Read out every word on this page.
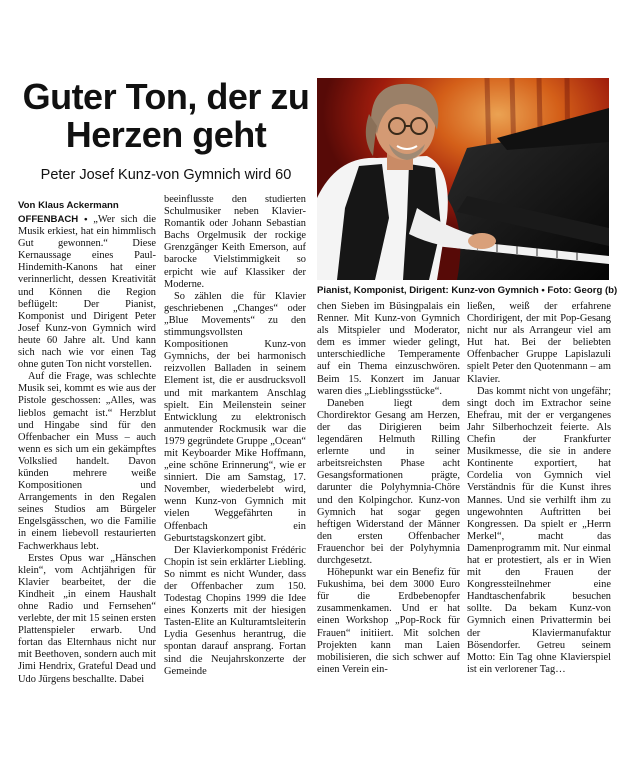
Guter Ton, der zu Herzen geht
Peter Josef Kunz-von Gymnich wird 60
Pianist, Komponist, Dirigent: Kunz-von Gymnich • Foto: Georg (b)
Von Klaus Ackermann

OFFENBACH • „Wer sich die Musik erkiest, hat ein himmlisch Gut gewonnen.“ Diese Kernaussage eines Paul-Hindemith-Kanons hat einer verinnerlicht, dessen Kreativität und Können die Region beflügelt: Der Pianist, Komponist und Dirigent Peter Josef Kunz-von Gymnich wird heute 60 Jahre alt. Und kann sich nach wie vor einen Tag ohne guten Ton nicht vorstellen.

Auf die Frage, was schlechte Musik sei, kommt es wie aus der Pistole geschossen: „Alles, was lieblos gemacht ist.“ Herzblut und Hingabe sind für den Offenbacher ein Muss – auch wenn es sich um ein gekämpftes Volkslied handelt. Davon künden mehrere weiße Kompositionen und Arrangements in den Regalen seines Studios am Bürgeler Engelsgässchen, wo die Familie in einem liebevoll restaurierten Fachwerkhaus lebt.

Erstes Opus war „Hänschen klein“, vom Achtjährigen für Klavier bearbeitet, der die Kindheit „in einem Haushalt ohne Radio und Fernsehen“ verlebte, der mit 15 seinen ersten Plattenspieler erwarb. Und fortan das Elternhaus nicht nur mit Beethoven, sondern auch mit Jimi Hendrix, Grateful Dead und Udo Jürgens beschallte. Dabei

beeinflusste den studierten Schulmusiker neben Klavier-Romantik oder Johann Sebastian Bachs Orgelmusik der rockige Grenzgänger Keith Emerson, auf barocke Vielstimmigkeit so erpicht wie auf Klassiker der Moderne.

So zählen die für Klavier geschriebenen „Changes“ oder „Blue Movements“ zu den stimmungsvollsten Kompositionen Kunz-von Gymnichs, der bei harmonisch reizvollen Balladen in seinem Element ist, die er ausdrucksvoll und mit markantem Anschlag spielt. Ein Meilenstein seiner Entwicklung zu elektronisch anmutender Rockmusik war die 1979 gegründete Gruppe „Ocean“ mit Keyboarder Mike Hoffmann, „eine schöne Erinnerung“, wie er sinniert. Die am Samstag, 17. November, wiederbelebt wird, wenn Kunz-von Gymnich mit vielen Weggefährten in Offenbach ein Geburtstagskonzert gibt.

Der Klavierkomponist Frédéric Chopin ist sein erklärter Liebling. So nimmt es nicht Wunder, dass der Offenbacher zum 150. Todestag Chopins 1999 die Idee eines Konzerts mit der hiesigen Tasten-Elite an Kulturamtsleiterin Lydia Gesenhus herantrug, die spontan darauf ansprang. Fortan sind die Neujahrskonzerte der Gemeinde

chen Sieben im Büsingpalais ein Renner. Mit Kunz-von Gymnich als Mitspieler und Moderator, dem es immer wieder gelingt, unterschiedliche Temperamente auf ein Thema einzuschwören. Beim 15. Konzert im Januar waren dies „Lieblingsstücke“.

Daneben liegt dem Chordirektor Gesang am Herzen, der das Dirigieren beim legendären Helmuth Rilling erlernte und in seiner arbeitsreichsten Phase acht Gesangsformationen prägte, darunter die Polyhymnia-Chöre und den Kolpingchor. Kunz-von Gymnich hat sogar gegen heftigen Widerstand der Männer den ersten Offenbacher Frauenchor bei der Polyhymnia durchgesetzt.

Höhepunkt war ein Benefiz für Fukushima, bei dem 3000 Euro für die Erdbebenopfer zusammenkamen. Und er hat einen Workshop „Pop-Rock für Frauen“ initiiert. Mit solchen Projekten kann man Laien mobilisieren, die sich schwer auf einen Verein ein-

ließen, weiß der erfahrene Chordirigent, der mit Pop-Gesang nicht nur als Arrangeur viel am Hut hat. Bei der beliebten Offenbacher Gruppe Lapislazuli spielt Peter den Quotenmann – am Klavier.

Das kommt nicht von ungefähr; singt doch im Extrachor seine Ehefrau, mit der er vergangenes Jahr Silberhochzeit feierte. Als Chefin der Frankfurter Musikmesse, die sie in andere Kontinente exportiert, hat Cordelia von Gymnich viel Verständnis für die Kunst ihres Mannes. Und sie verhilft ihm zu ungewohnten Auftritten bei Kongressen. Da spielt er „Herrn Merkel“, macht das Damenprogramm mit. Nur einmal hat er protestiert, als er in Wien mit den Frauen der Kongressteilnehmer eine Handtaschenfabrik besuchen sollte. Da bekam Kunz-von Gymnich einen Privattermin bei der Klaviermanufaktur Bösendorfer. Getreu seinem Motto: Ein Tag ohne Klavierspiel ist ein verlorener Tag…
